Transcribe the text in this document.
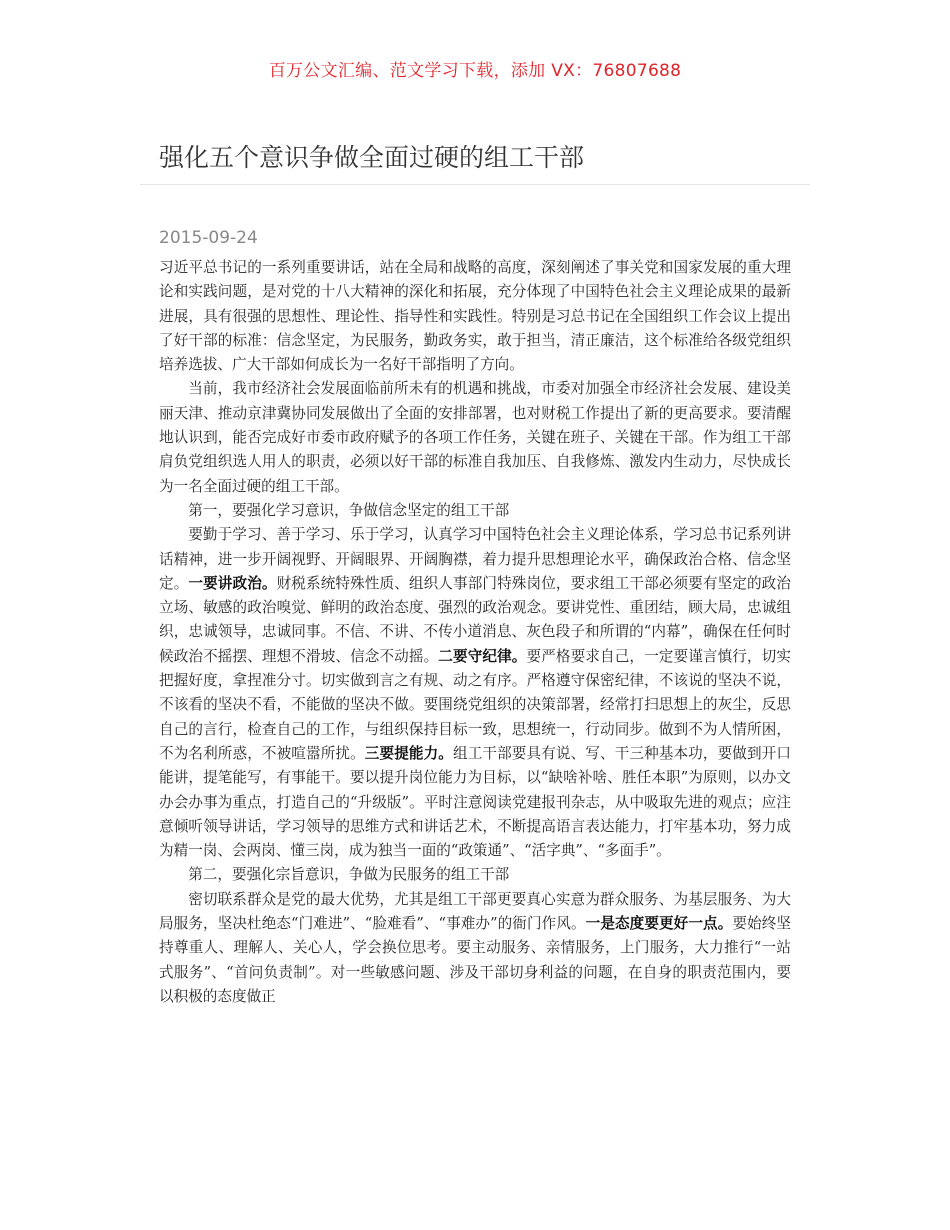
百万公文汇编、范文学习下载，添加 VX：76807688
强化五个意识争做全面过硬的组工干部
2015-09-24

习近平总书记的一系列重要讲话，站在全局和战略的高度，深刻阐述了事关党和国家发展的重大理论和实践问题，是对党的十八大精神的深化和拓展，充分体现了中国特色社会主义理论成果的最新进展，具有很强的思想性、理论性、指导性和实践性。特别是习总书记在全国组织工作会议上提出了好干部的标准：信念坚定，为民服务，勤政务实，敢于担当，清正廉洁，这个标准给各级党组织培养选拔、广大干部如何成长为一名好干部指明了方向。

当前，我市经济社会发展面临前所未有的机遇和挑战，市委对加强全市经济社会发展、建设美丽天津、推动京津冀协同发展做出了全面的安排部署，也对财税工作提出了新的更高要求。要清醒地认识到，能否完成好市委市政府赋予的各项工作任务，关键在班子、关键在干部。作为组工干部肩负党组织选人用人的职责，必须以好干部的标准自我加压、自我修炼、激发内生动力，尽快成长为一名全面过硬的组工干部。

第一，要强化学习意识，争做信念坚定的组工干部

要勤于学习、善于学习、乐于学习，认真学习中国特色社会主义理论体系，学习总书记系列讲话精神，进一步开阔视野、开阔眼界、开阔胸襟，着力提升思想理论水平，确保政治合格、信念坚定。一要讲政治。财税系统特殊性质、组织人事部门特殊岗位，要求组工干部必须要有坚定的政治立场、敏感的政治嗅觉、鲜明的政治态度、强烈的政治观念。要讲党性、重团结，顾大局，忠诚组织，忠诚领导，忠诚同事。不信、不讲、不传小道消息、灰色段子和所谓的“内幕”，确保在任何时候政治不摇摆、理想不滑坡、信念不动摇。二要守纪律。要严格要求自己，一定要谨言慎行，切实把握好度，拿捏准分寸。切实做到言之有规、动之有序。严格遵守保密纪律，不该说的坚决不说，不该看的坚决不看，不能做的坚决不做。要围绕党组织的决策部署，经常打扫思想上的灰尘，反思自己的言行，检查自己的工作，与组织保持目标一致，思想统一，行动同步。做到不为人情所困，不为名利所惑，不被喧嚣所扰。三要提能力。组工干部要具有说、写、干三种基本功，要做到开口能讲，提笔能写，有事能干。要以提升岗位能力为目标，以“缺啥补啥、胜任本职”为原则，以办文办会办事为重点，打造自己的“升级版”。平时注意阅读党建报刊杂志，从中吸取先进的观点；应注意倾听领导讲话，学习领导的思维方式和讲话艺术，不断提高语言表达能力，打牢基本功，努力成为精一岗、会两岗、懂三岗，成为独当一面的“政策通”、“活字典”、“多面手”。

第二，要强化宗旨意识，争做为民服务的组工干部

密切联系群众是党的最大优势，尤其是组工干部更要真心实意为群众服务、为基层服务、为大局服务，坚决杜绝态“门难进”、“脸难看”、“事难办”的衙门作风。一是态度要更好一点。要始终坚持尊重人、理解人、关心人，学会换位思考。要主动服务、亲情服务，上门服务，大力推行“一站式服务”、“首问负责制”。对一些敏感问题、涉及干部切身利益的问题，在自身的职责范围内，要以积极的态度做正
